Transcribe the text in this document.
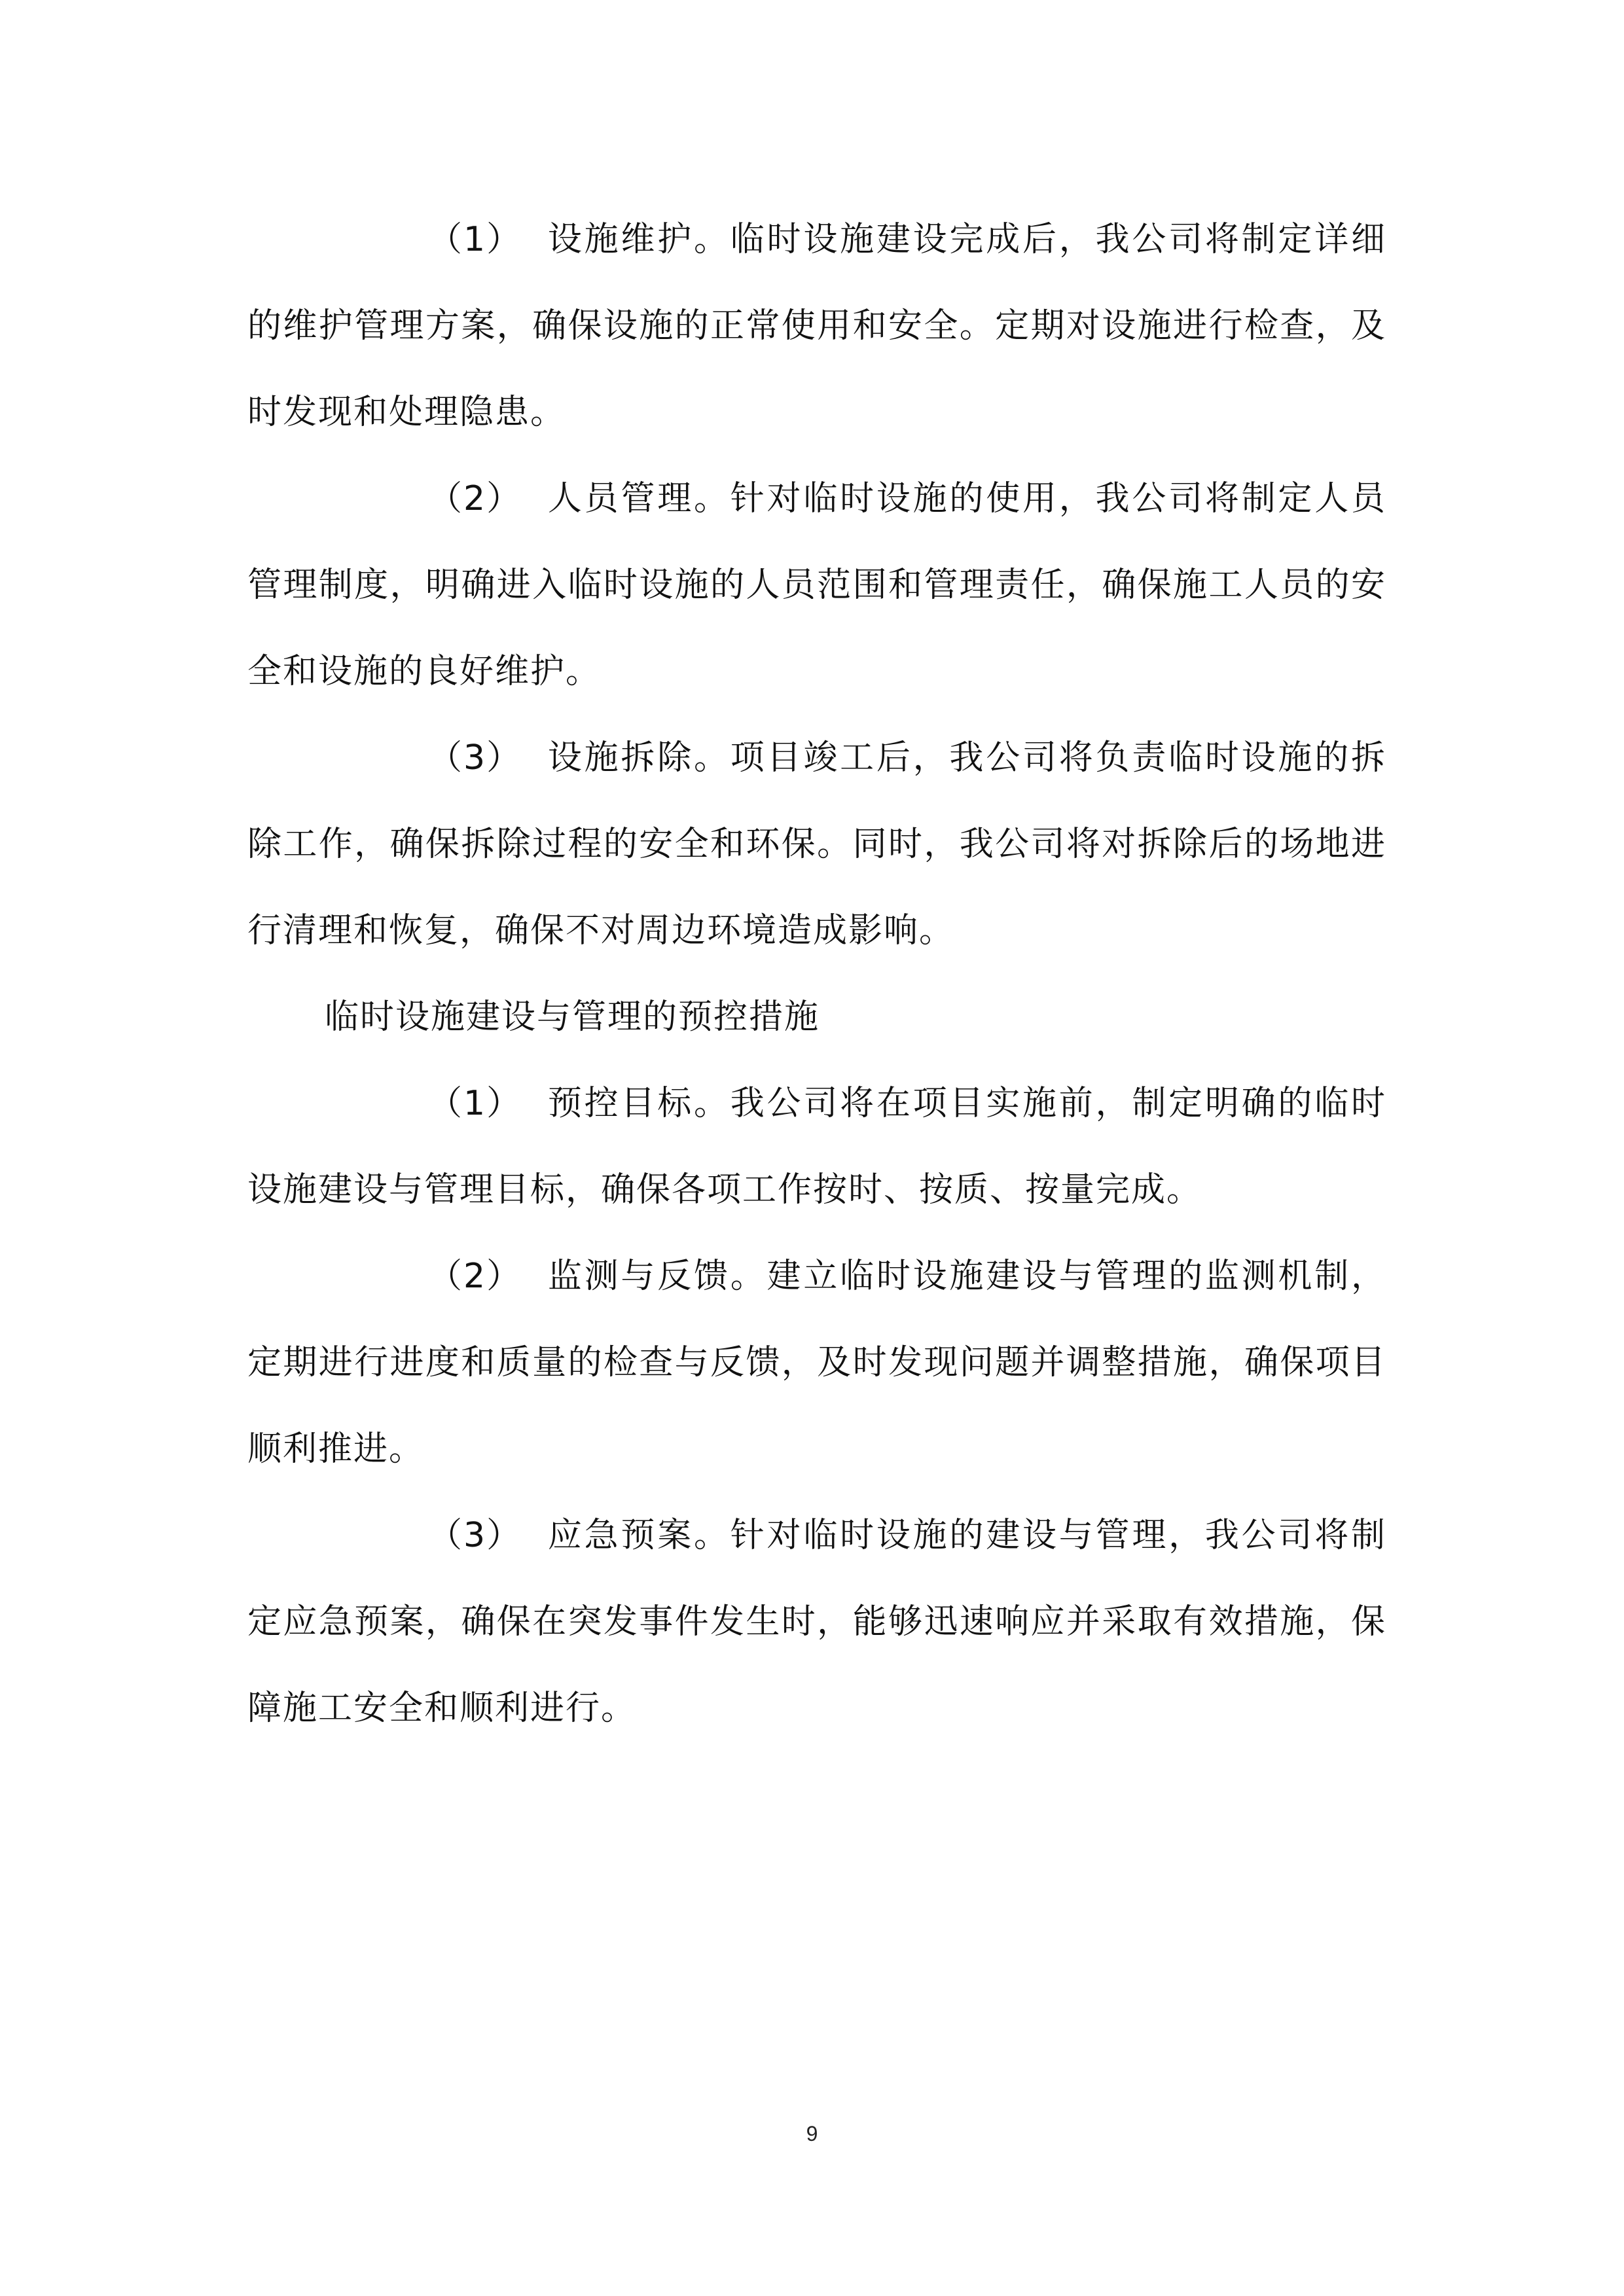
（1） 设施维护。临时设施建设完成后，我公司将制定详细的维护管理方案，确保设施的正常使用和安全。定期对设施进行检查，及时发现和处理隐患。

（2） 人员管理。针对临时设施的使用，我公司将制定人员管理制度，明确进入临时设施的人员范围和管理责任，确保施工人员的安全和设施的良好维护。

（3） 设施拆除。项目竣工后，我公司将负责临时设施的拆除工作，确保拆除过程的安全和环保。同时，我公司将对拆除后的场地进行清理和恢复，确保不对周边环境造成影响。

临时设施建设与管理的预控措施

（1） 预控目标。我公司将在项目实施前，制定明确的临时设施建设与管理目标，确保各项工作按时、按质、按量完成。

（2） 监测与反馈。建立临时设施建设与管理的监测机制，定期进行进度和质量的检查与反馈，及时发现问题并调整措施，确保项目顺利推进。

（3） 应急预案。针对临时设施的建设与管理，我公司将制定应急预案，确保在突发事件发生时，能够迅速响应并采取有效措施，保障施工安全和顺利进行。

9
